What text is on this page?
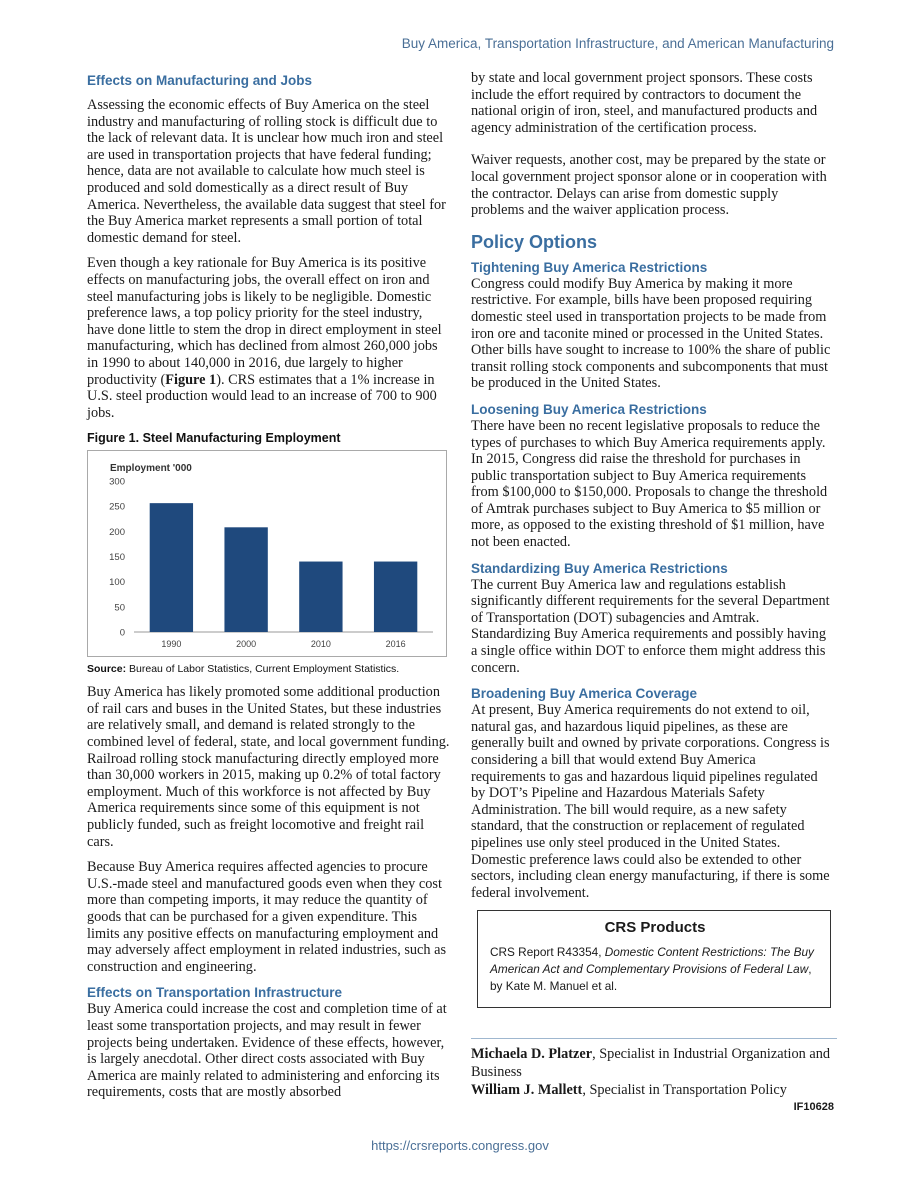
Buy America, Transportation Infrastructure, and American Manufacturing
Effects on Manufacturing and Jobs

Assessing the economic effects of Buy America on the steel industry and manufacturing of rolling stock is difficult due to the lack of relevant data. It is unclear how much iron and steel are used in transportation projects that have federal funding; hence, data are not available to calculate how much steel is produced and sold domestically as a direct result of Buy America. Nevertheless, the available data suggest that steel for the Buy America market represents a small portion of total domestic demand for steel.

Even though a key rationale for Buy America is its positive effects on manufacturing jobs, the overall effect on iron and steel manufacturing jobs is likely to be negligible. Domestic preference laws, a top policy priority for the steel industry, have done little to stem the drop in direct employment in steel manufacturing, which has declined from almost 260,000 jobs in 1990 to about 140,000 in 2016, due largely to higher productivity (Figure 1). CRS estimates that a 1% increase in U.S. steel production would lead to an increase of 700 to 900 jobs.

Figure 1. Steel Manufacturing Employment
Employment '000
0
50
100
150
200
250
300
1990	2000	2010	2016
Source: Bureau of Labor Statistics, Current Employment Statistics.

Buy America has likely promoted some additional production of rail cars and buses in the United States, but these industries are relatively small, and demand is related strongly to the combined level of federal, state, and local government funding. Railroad rolling stock manufacturing directly employed more than 30,000 workers in 2015, making up 0.2% of total factory employment. Much of this workforce is not affected by Buy America requirements since some of this equipment is not publicly funded, such as freight locomotive and freight rail cars.

Because Buy America requires affected agencies to procure U.S.-made steel and manufactured goods even when they cost more than competing imports, it may reduce the quantity of goods that can be purchased for a given expenditure. This limits any positive effects on manufacturing employment and may adversely affect employment in related industries, such as construction and engineering.

Effects on Transportation Infrastructure

Buy America could increase the cost and completion time of at least some transportation projects, and may result in fewer projects being undertaken. Evidence of these effects, however, is largely anecdotal. Other direct costs associated with Buy America are mainly related to administering and enforcing its requirements, costs that are mostly absorbed

by state and local government project sponsors. These costs include the effort required by contractors to document the national origin of iron, steel, and manufactured products and agency administration of the certification process.

Waiver requests, another cost, may be prepared by the state or local government project sponsor alone or in cooperation with the contractor. Delays can arise from domestic supply problems and the waiver application process.

Policy Options
Tightening Buy America Restrictions

Congress could modify Buy America by making it more restrictive. For example, bills have been proposed requiring domestic steel used in transportation projects to be made from iron ore and taconite mined or processed in the United States. Other bills have sought to increase to 100% the share of public transit rolling stock components and subcomponents that must be produced in the United States.

Loosening Buy America Restrictions

There have been no recent legislative proposals to reduce the types of purchases to which Buy America requirements apply. In 2015, Congress did raise the threshold for purchases in public transportation subject to Buy America requirements from $100,000 to $150,000. Proposals to change the threshold of Amtrak purchases subject to Buy America to $5 million or more, as opposed to the existing threshold of $1 million, have not been enacted.

Standardizing Buy America Restrictions

The current Buy America law and regulations establish significantly different requirements for the several Department of Transportation (DOT) subagencies and Amtrak. Standardizing Buy America requirements and possibly having a single office within DOT to enforce them might address this concern.

Broadening Buy America Coverage

At present, Buy America requirements do not extend to oil, natural gas, and hazardous liquid pipelines, as these are generally built and owned by private corporations. Congress is considering a bill that would extend Buy America requirements to gas and hazardous liquid pipelines regulated by DOT’s Pipeline and Hazardous Materials Safety Administration. The bill would require, as a new safety standard, that the construction or replacement of regulated pipelines use only steel produced in the United States. Domestic preference laws could also be extended to other sectors, including clean energy manufacturing, if there is some federal involvement.

CRS Products
CRS Report R43354, Domestic Content Restrictions: The Buy American Act and Complementary Provisions of Federal Law, by Kate M. Manuel et al.
Michaela D. Platzer, Specialist in Industrial Organization and Business
William J. Mallett, Specialist in Transportation Policy
IF10628
https://crsreports.congress.gov
